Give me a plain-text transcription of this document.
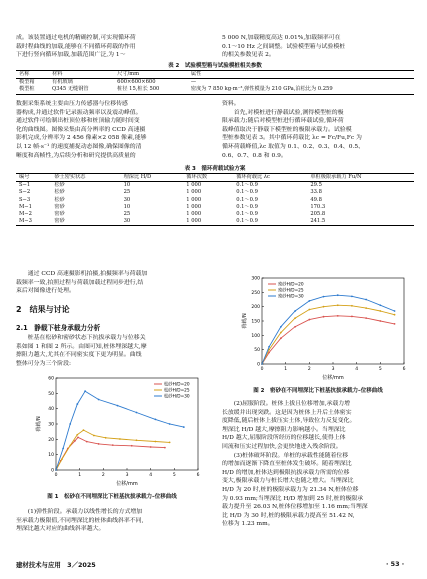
成。该装置通过电机的精确控制,可实现循环荷
载时程曲线的加载,能够在不同循环荷载的作用
下进行竖向循环加载,加载范围广泛,为 1～
5 000 N,加载精度高达 0.01%,加载频率可在
0.1～10 Hz 之间调整。试验模型箱与试验模桩
的相关参数见表 2。
表 2　试验模型箱与试验模桩相关参数
名称	材料	尺寸/mm	属性
模型箱	有机玻璃	600×600×600	—
模型桩	Q345 无缝钢管	桩径 15,桩长 500	密度为 7 850 kg·m⁻³,弹性模量为 210 GPa,泊松比为 0.259
数据采集系统主要由压力传感器与位移传感
器构成,并通过软件记录振动频率以及震动峰值。
通过软件可绘制出桩顶位移和桩顶输力随时间变
化的曲线图。图像采集由高分辨率的 CCD 高速摄
影机完成,分辨率为 2 456 像素×2 058 像素,能够
以 12 帧·s⁻¹ 的速度捕捉动态图像,确保图像的清
晰度和高帧性,为后续分析和研究提供高质量的
资料。
　　首先,对模桩进行静载试验,测得模型桩的极
限承载力;随后对模型桩进行循环载试验,循环荷
载峰值取决于静载下模型桩的极限承载力。试验模
型桩参数见表 3。其中循环荷载比 λc = Fc/Fu,Fc 为
循环荷载峰值,λc 取值为 0.1、0.2、0.3、0.4、0.5、
0.6、0.7、0.8 和 0.9。
表 3　循环荷载试验方案
编号	砂土密实状态	埋深比 H/D	循环次数	循环荷载比 λc	单桩极限承载力 Fu/N
S−1	松砂	10	1 000	0.1～0.9	29.5
S−2	松砂	25	1 000	0.1～0.9	33.8
S−3	松砂	30	1 000	0.1～0.9	49.8
M−1	密砂	10	1 000	0.1～0.9	170.3
M−2	密砂	25	1 000	0.1～0.9	205.8
M−3	密砂	30	1 000	0.1～0.9	241.5
　　通过 CCD 高速摄影机拍摄,拍摄频率与荷载加
载频率一致,拍照过程与荷载加载过程同步进行,结
束后对图像进行处理。
2　结果与讨论
2.1　静载下桩身承载力分析
　　桩基在松砂和密砂状态下抗拔承载力与位移关
系如图 1 和图 2 所示。由图可知,桩体埋深越大,摩
擦阻力越大,尤其在不同密实度下更为明显。曲线
整体可分为三个阶段:
0	1	2	3	4	5	6
0
10
20
30
40
50
60
位移/mm
荷载/N
松砂H/D=20
松砂H/D=25
松砂H/D=30
图 1　松砂在不同埋深比下桩基抗拔承载力–位移曲线
0	1	2	3	4	5	6
0
50
100
150
200
250
300
位移/mm
荷载/N
密砂H/D=20
密砂H/D=25
密砂H/D=30
图 2　密砂在不同埋深比下桩基抗拔承载力–位移曲线
　　(1)弹性阶段。承载力以线性增长的方式增加
至承载力极限值,不同埋深比的桩体曲线斜率不同,
埋深比越大对应的曲线斜率越大。
　　(2)屈服阶段。桩体上拔且位移增加,承载力增
长放缓并出现突跌。这是因为桩体上升后土体密实
度降低,随后桩体上拔压实土体,导致位力反复变化。
埋深比 H/D 越大,摩擦阻力影响越小。当埋深比
H/D 越大,屈服阶段所经历的位移越长,使得上体
回流和压实过程加快,会更快地进入残余阶段。
　　(3)桩体破坏阶段。单桩的承载性能随着位移
的增加而逐渐下降直至桩体发生破坏。随着埋深比
H/D 的增加,桩体达到极限抗拔承载力所需的位移
变大,极限承载力与桩长增大也随之增大。当埋深比
H/D 为 20 时,桩的极限承载力为 21.34 N,桩体位移
为 0.93 mm;当埋深比 H/D 增加到 25 时,桩的极限承
载力提升至 26.03 N,桩体位移增加至 1.16 mm;当埋深
比 H/D 为 30 时,桩的极限承载力提高至 51.42 N,
位移为 1.23 mm。
建材技术与应用　3／2025	· 53 ·
